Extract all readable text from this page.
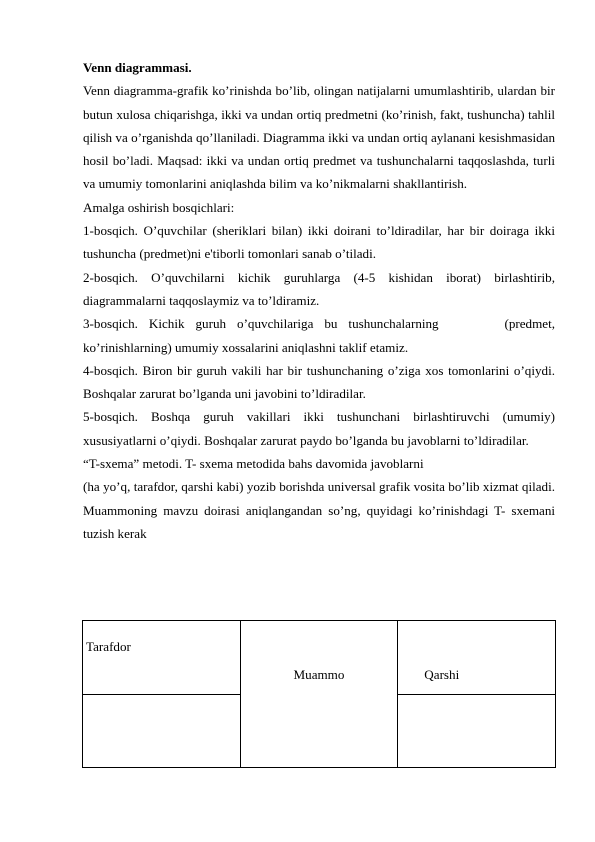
Venn diagrammasi.

Venn diagramma-grafik ko’rinishda bo’lib, olingan natijalarni umumlashtirib, ulardan bir butun xulosa chiqarishga, ikki va undan ortiq predmetni (ko’rinish, fakt, tushuncha) tahlil qilish va o’rganishda qo’llaniladi. Diagramma ikki va undan ortiq aylanani kesishmasidan hosil bo’ladi. Maqsad: ikki va undan ortiq predmet va tushunchalarni taqqoslashda, turli va umumiy tomonlarini aniqlashda bilim va ko’nikmalarni shakllantirish.

Amalga oshirish bosqichlari:

1-bosqich. O’quvchilar (sheriklari bilan) ikki doirani to’ldiradilar, har bir doiraga ikki tushuncha (predmet)ni e'tiborli tomonlari sanab o’tiladi.

2-bosqich. O’quvchilarni kichik guruhlarga (4-5 kishidan iborat) birlashtirib, diagrammalarni taqqoslaymiz va to’ldiramiz.

3-bosqich. Kichik guruh o’quvchilariga bu tushunchalarning      (predmet,           ko’rinishlarning) umumiy xossalarini aniqlashni taklif etamiz.

4-bosqich. Biron bir guruh vakili har bir tushunchaning o’ziga xos tomonlarini o’qiydi. Boshqalar zarurat bo’lganda uni javobini to’ldiradilar.

5-bosqich. Boshqa guruh vakillari ikki tushunchani birlashtiruvchi (umumiy) xususiyatlarni o’qiydi. Boshqalar zarurat paydo bo’lganda bu javoblarni to’ldiradilar.

“T-sxema” metodi. T- sxema metodida bahs davomida javoblarni

(ha yo’q, tarafdor, qarshi kabi) yozib borishda universal grafik vosita bo’lib xizmat qiladi. Muammoning mavzu doirasi aniqlangandan so’ng, quyidagi ko’rinishdagi T- sxemani tuzish kerak

Tarafdor	Muammo	Qarshi
